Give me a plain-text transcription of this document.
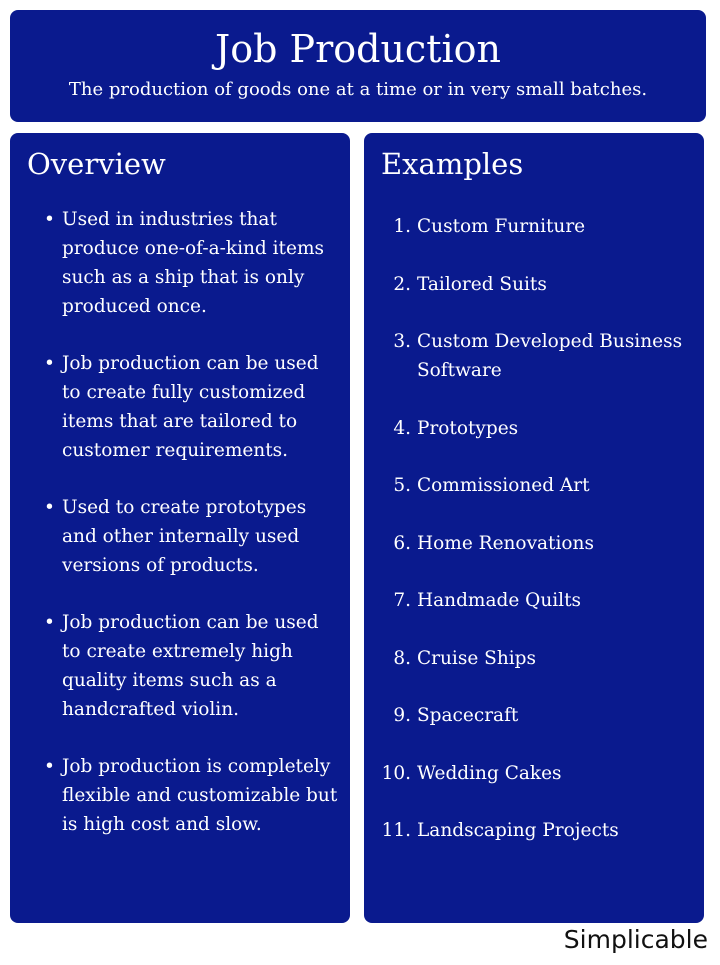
Job Production
The production of goods one at a time or in very small batches.
Overview
• Used in industries that produce one-of-a-kind items such as a ship that is only produced once.
• Job production can be used to create fully customized items that are tailored to customer requirements.
• Used to create prototypes and other internally used versions of products.
• Job production can be used to create extremely high quality items such as a handcrafted violin.
• Job production is completely flexible and customizable but is high cost and slow.
Examples
1. Custom Furniture
2. Tailored Suits
3. Custom Developed Business Software
4. Prototypes
5. Commissioned Art
6. Home Renovations
7. Handmade Quilts
8. Cruise Ships
9. Spacecraft
10. Wedding Cakes
11. Landscaping Projects
Simplicable
